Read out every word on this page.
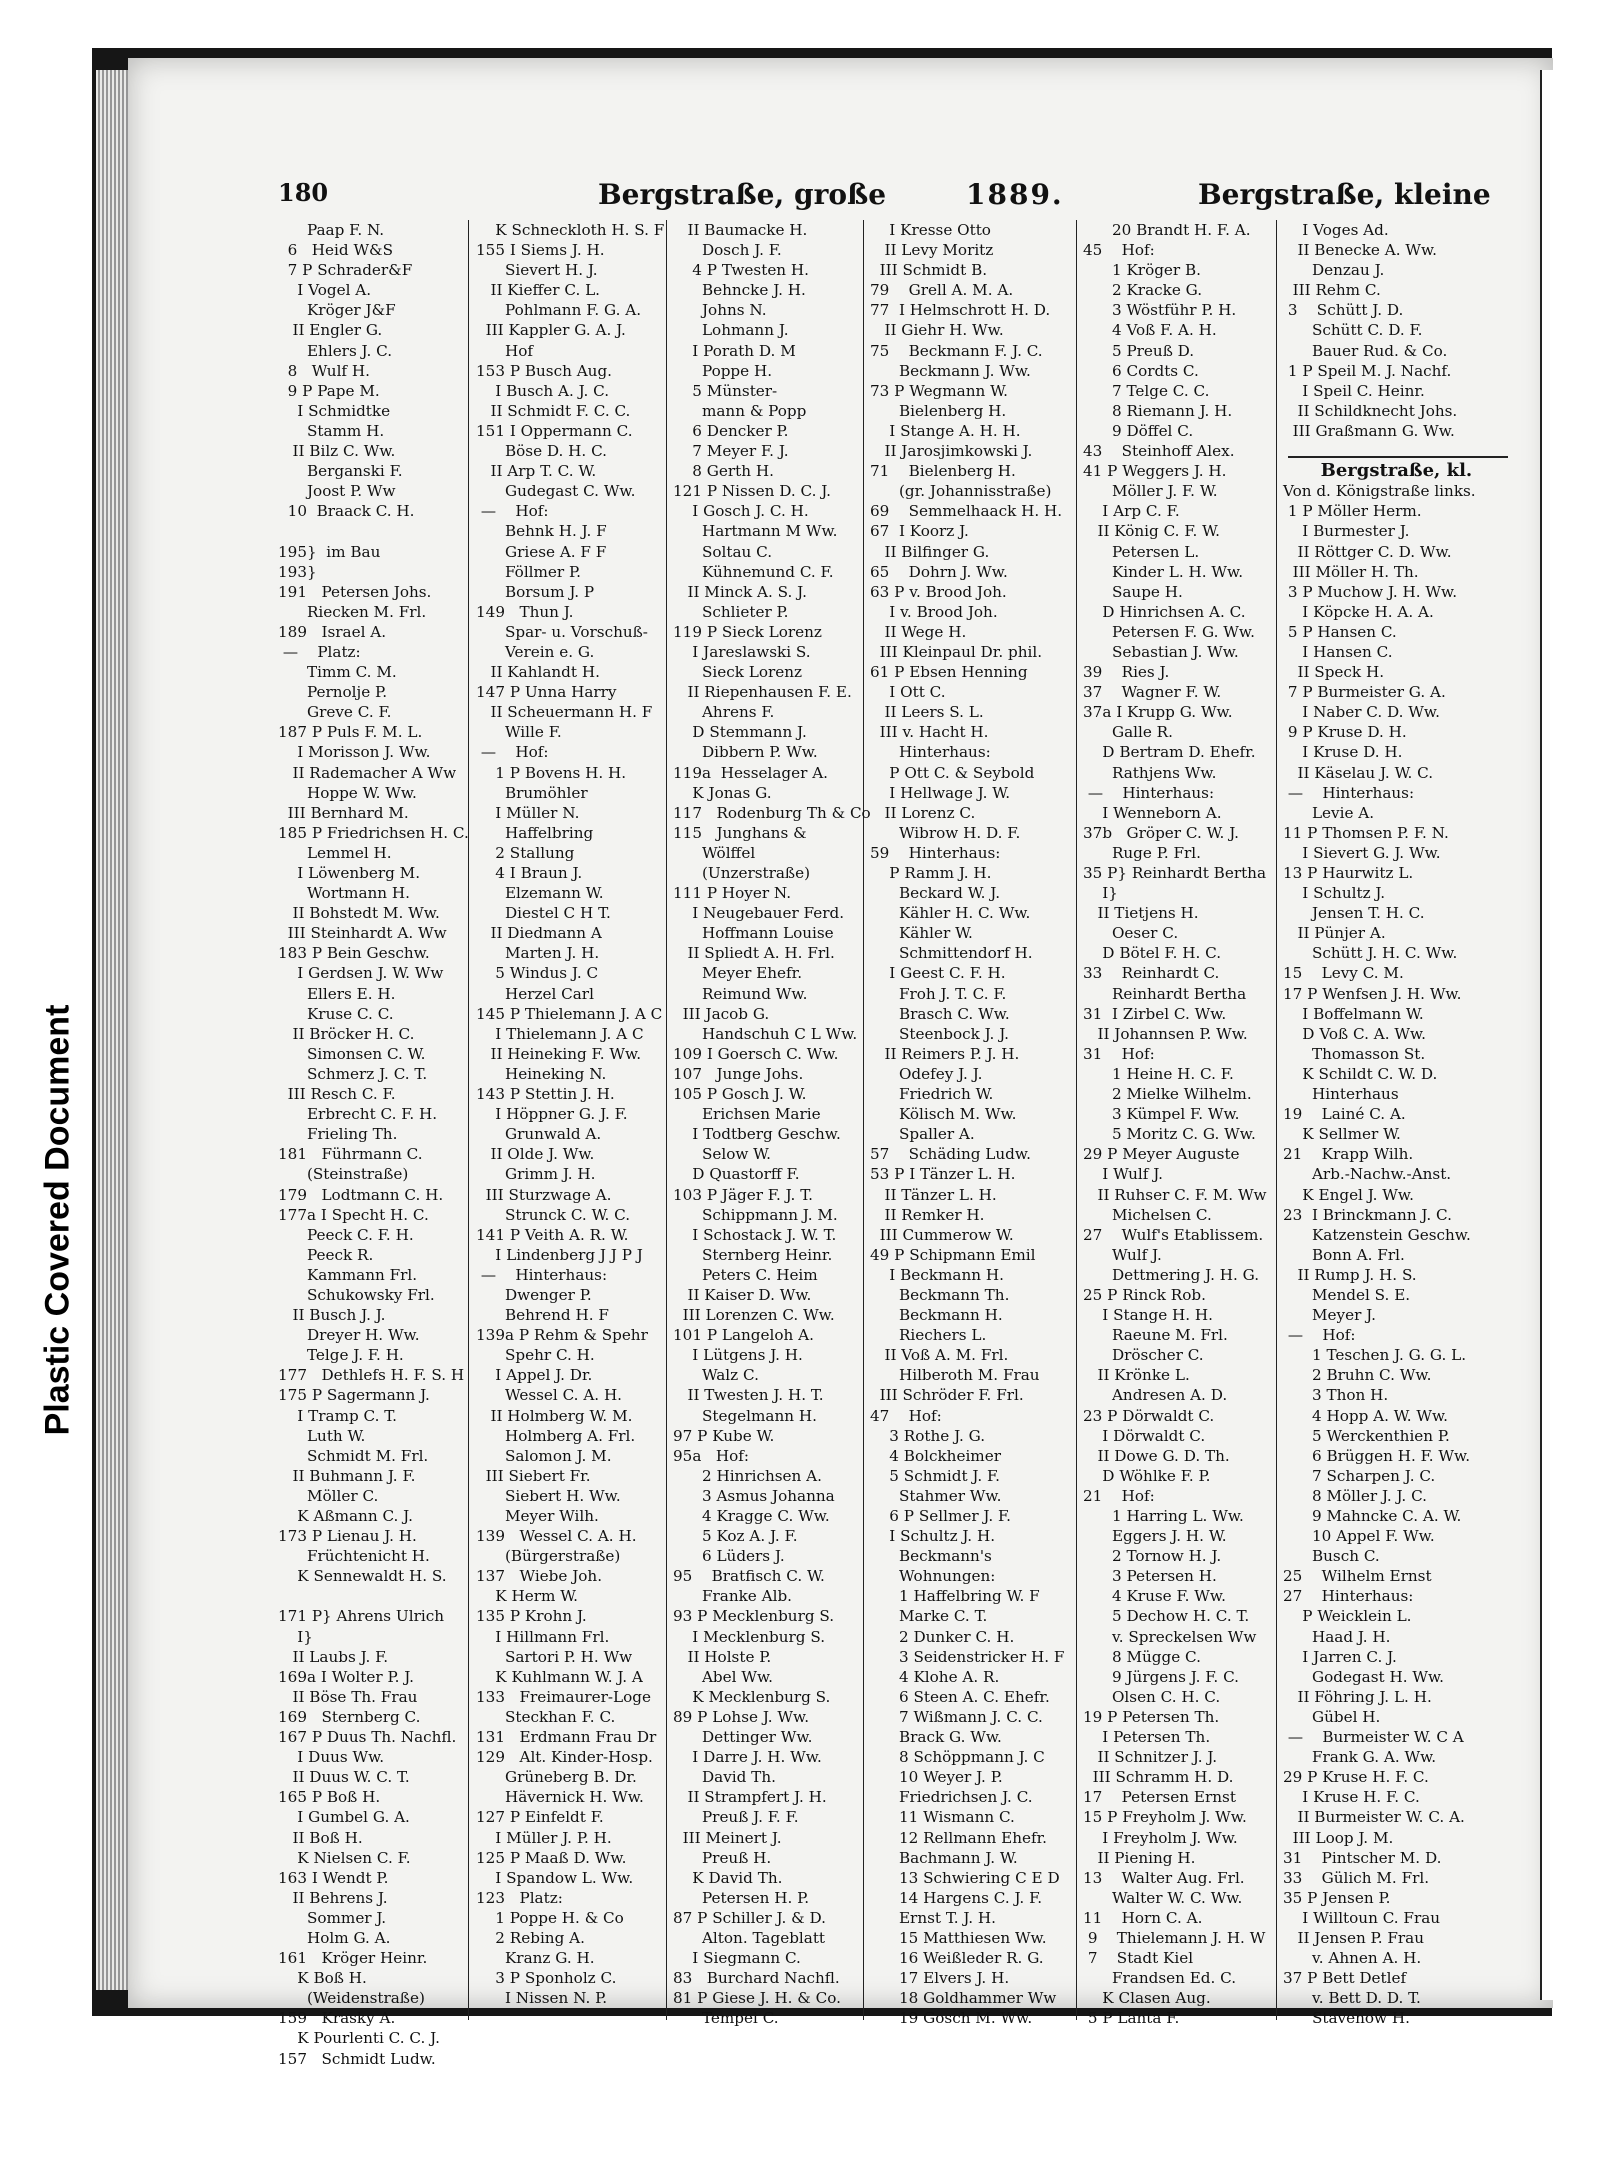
Plastic Covered Document
180	Bergstraße, große	1889.	Bergstraße, kleine
Paap F. N.
6   Heid W&S
7 P Schrader&F
I Vogel A.
Kröger J&F
II Engler G.
Ehlers J. C.
8   Wulf H.
9 P Pape M.
I Schmidtke
Stamm H.
II Bilz C. Ww.
Berganski F.
Joost P. Ww
10  Braack C. H.
195}  im Bau
193}
191   Petersen Johs.
Riecken M. Frl.
189   Israel A.
—    Platz:
Timm C. M.
Pernolje P.
Greve C. F.
187 P Puls F. M. L.
I Morisson J. Ww.
II Rademacher A Ww
Hoppe W. Ww.
III Bernhard M.
185 P Friedrichsen H. C.
Lemmel H.
I Löwenberg M.
Wortmann H.
II Bohstedt M. Ww.
III Steinhardt A. Ww
183 P Bein Geschw.
I Gerdsen J. W. Ww
Ellers E. H.
Kruse C. C.
II Bröcker H. C.
Simonsen C. W.
Schmerz J. C. T.
III Resch C. F.
Erbrecht C. F. H.
Frieling Th.
181   Führmann C.
(Steinstraße)
179   Lodtmann C. H.
177a I Specht H. C.
Peeck C. F. H.
Peeck R.
Kammann Frl.
Schukowsky Frl.
II Busch J. J.
Dreyer H. Ww.
Telge J. F. H.
177   Dethlefs H. F. S. H
175 P Sagermann J.
I Tramp C. T.
Luth W.
Schmidt M. Frl.
II Buhmann J. F.
Möller C.
K Aßmann C. J.
173 P Lienau J. H.
Früchtenicht H.
K Sennewaldt H. S.
171 P} Ahrens Ulrich
I}
II Laubs J. F.
169a I Wolter P. J.
II Böse Th. Frau
169   Sternberg C.
167 P Duus Th. Nachfl.
I Duus Ww.
II Duus W. C. T.
165 P Boß H.
I Gumbel G. A.
II Boß H.
K Nielsen C. F.
163 I Wendt P.
II Behrens J.
Sommer J.
Holm G. A.
161   Kröger Heinr.
K Boß H.
(Weidenstraße)
159   Krasky A.
K Pourlenti C. C. J.
157   Schmidt Ludw.
K Schneckloth H. S. F
155 I Siems J. H.
Sievert H. J.
II Kieffer C. L.
Pohlmann F. G. A.
III Kappler G. A. J.
Hof
153 P Busch Aug.
I Busch A. J. C.
II Schmidt F. C. C.
151 I Oppermann C.
Böse D. H. C.
II Arp T. C. W.
Gudegast C. Ww.
—    Hof:
Behnk H. J. F
Griese A. F F
Föllmer P.
Borsum J. P
149   Thun J.
Spar- u. Vorschuß-
Verein e. G.
II Kahlandt H.
147 P Unna Harry
II Scheuermann H. F
Wille F.
—    Hof:
1 P Bovens H. H.
Brumöhler
I Müller N.
Haffelbring
2 Stallung
4 I Braun J.
Elzemann W.
Diestel C H T.
II Diedmann A
Marten J. H.
5 Windus J. C
Herzel Carl
145 P Thielemann J. A C
I Thielemann J. A C
II Heineking F. Ww.
Heineking N.
143 P Stettin J. H.
I Höppner G. J. F.
Grunwald A.
II Olde J. Ww.
Grimm J. H.
III Sturzwage A.
Strunck C. W. C.
141 P Veith A. R. W.
I Lindenberg J J P J
—    Hinterhaus:
Dwenger P.
Behrend H. F
139a P Rehm & Spehr
Spehr C. H.
I Appel J. Dr.
Wessel C. A. H.
II Holmberg W. M.
Holmberg A. Frl.
Salomon J. M.
III Siebert Fr.
Siebert H. Ww.
Meyer Wilh.
139   Wessel C. A. H.
(Bürgerstraße)
137   Wiebe Joh.
K Herm W.
135 P Krohn J.
I Hillmann Frl.
Sartori P. H. Ww
K Kuhlmann W. J. A
133   Freimaurer-Loge
Steckhan F. C.
131   Erdmann Frau Dr
129   Alt. Kinder-Hosp.
Grüneberg B. Dr.
Hävernick H. Ww.
127 P Einfeldt F.
I Müller J. P. H.
125 P Maaß D. Ww.
I Spandow L. Ww.
123   Platz:
1 Poppe H. & Co
2 Rebing A.
Kranz G. H.
3 P Sponholz C.
I Nissen N. P.
II Baumacke H.
Dosch J. F.
4 P Twesten H.
Behncke J. H.
Johns N.
Lohmann J.
I Porath D. M
Poppe H.
5 Münster-
mann & Popp
6 Dencker P.
7 Meyer F. J.
8 Gerth H.
121 P Nissen D. C. J.
I Gosch J. C. H.
Hartmann M Ww.
Soltau C.
Kühnemund C. F.
II Minck A. S. J.
Schlieter P.
119 P Sieck Lorenz
I Jareslawski S.
Sieck Lorenz
II Riepenhausen F. E.
Ahrens F.
D Stemmann J.
Dibbern P. Ww.
119a  Hesselager A.
K Jonas G.
117   Rodenburg Th & Co
115   Junghans &
Wölffel
(Unzerstraße)
111 P Hoyer N.
I Neugebauer Ferd.
Hoffmann Louise
II Spliedt A. H. Frl.
Meyer Ehefr.
Reimund Ww.
III Jacob G.
Handschuh C L Ww.
109 I Goersch C. Ww.
107   Junge Johs.
105 P Gosch J. W.
Erichsen Marie
I Todtberg Geschw.
Selow W.
D Quastorff F.
103 P Jäger F. J. T.
Schippmann J. M.
I Schostack J. W. T.
Sternberg Heinr.
Peters C. Heim
II Kaiser D. Ww.
III Lorenzen C. Ww.
101 P Langeloh A.
I Lütgens J. H.
Walz C.
II Twesten J. H. T.
Stegelmann H.
97 P Kube W.
95a   Hof:
2 Hinrichsen A.
3 Asmus Johanna
4 Kragge C. Ww.
5 Koz A. J. F.
6 Lüders J.
95    Bratfisch C. W.
Franke Alb.
93 P Mecklenburg S.
I Mecklenburg S.
II Holste P.
Abel Ww.
K Mecklenburg S.
89 P Lohse J. Ww.
Dettinger Ww.
I Darre J. H. Ww.
David Th.
II Strampfert J. H.
Preuß J. F. F.
III Meinert J.
Preuß H.
K David Th.
Petersen H. P.
87 P Schiller J. & D.
Alton. Tageblatt
I Siegmann C.
83   Burchard Nachfl.
81 P Giese J. H. & Co.
Tempel C.
I Kresse Otto
II Levy Moritz
III Schmidt B.
79    Grell A. M. A.
77  I Helmschrott H. D.
II Giehr H. Ww.
75    Beckmann F. J. C.
Beckmann J. Ww.
73 P Wegmann W.
Bielenberg H.
I Stange A. H. H.
II Jarosjimkowski J.
71    Bielenberg H.
(gr. Johannisstraße)
69    Semmelhaack H. H.
67  I Koorz J.
II Bilfinger G.
65    Dohrn J. Ww.
63 P v. Brood Joh.
I v. Brood Joh.
II Wege H.
III Kleinpaul Dr. phil.
61 P Ebsen Henning
I Ott C.
II Leers S. L.
III v. Hacht H.
Hinterhaus:
P Ott C. & Seybold
I Hellwage J. W.
II Lorenz C.
Wibrow H. D. F.
59    Hinterhaus:
P Ramm J. H.
Beckard W. J.
Kähler H. C. Ww.
Kähler W.
Schmittendorf H.
I Geest C. F. H.
Froh J. T. C. F.
Brasch C. Ww.
Steenbock J. J.
II Reimers P. J. H.
Odefey J. J.
Friedrich W.
Kölisch M. Ww.
Spaller A.
57    Schäding Ludw.
53 P I Tänzer L. H.
II Tänzer L. H.
II Remker H.
III Cummerow W.
49 P Schipmann Emil
I Beckmann H.
Beckmann Th.
Beckmann H.
Riechers L.
II Voß A. M. Frl.
Hilberoth M. Frau
III Schröder F. Frl.
47    Hof:
3 Rothe J. G.
4 Bolckheimer
5 Schmidt J. F.
Stahmer Ww.
6 P Sellmer J. F.
I Schultz J. H.
Beckmann's
Wohnungen:
1 Haffelbring W. F
Marke C. T.
2 Dunker C. H.
3 Seidenstricker H. F
4 Klohe A. R.
6 Steen A. C. Ehefr.
7 Wißmann J. C. C.
Brack G. Ww.
8 Schöppmann J. C
10 Weyer J. P.
Friedrichsen J. C.
11 Wismann C.
12 Rellmann Ehefr.
Bachmann J. W.
13 Schwiering C E D
14 Hargens C. J. F.
Ernst T. J. H.
15 Matthiesen Ww.
16 Weißleder R. G.
17 Elvers J. H.
18 Goldhammer Ww
19 Gosch M. Ww.
20 Brandt H. F. A.
45    Hof:
1 Kröger B.
2 Kracke G.
3 Wöstführ P. H.
4 Voß F. A. H.
5 Preuß D.
6 Cordts C.
7 Telge C. C.
8 Riemann J. H.
9 Döffel C.
43    Steinhoff Alex.
41 P Weggers J. H.
Möller J. F. W.
I Arp C. F.
II König C. F. W.
Petersen L.
Kinder L. H. Ww.
Saupe H.
D Hinrichsen A. C.
Petersen F. G. Ww.
Sebastian J. Ww.
39    Ries J.
37    Wagner F. W.
37a I Krupp G. Ww.
Galle R.
D Bertram D. Ehefr.
Rathjens Ww.
—    Hinterhaus:
I Wenneborn A.
37b   Gröper C. W. J.
Ruge P. Frl.
35 P} Reinhardt Bertha
I}
II Tietjens H.
Oeser C.
D Bötel F. H. C.
33    Reinhardt C.
Reinhardt Bertha
31  I Zirbel C. Ww.
II Johannsen P. Ww.
31    Hof:
1 Heine H. C. F.
2 Mielke Wilhelm.
3 Kümpel F. Ww.
5 Moritz C. G. Ww.
29 P Meyer Auguste
I Wulf J.
II Ruhser C. F. M. Ww
Michelsen C.
27    Wulf's Etablissem.
Wulf J.
Dettmering J. H. G.
25 P Rinck Rob.
I Stange H. H.
Raeune M. Frl.
Dröscher C.
II Krönke L.
Andresen A. D.
23 P Dörwaldt C.
I Dörwaldt C.
II Dowe G. D. Th.
D Wöhlke F. P.
21    Hof:
1 Harring L. Ww.
Eggers J. H. W.
2 Tornow H. J.
3 Petersen H.
4 Kruse F. Ww.
5 Dechow H. C. T.
v. Spreckelsen Ww
8 Mügge C.
9 Jürgens J. F. C.
Olsen C. H. C.
19 P Petersen Th.
I Petersen Th.
II Schnitzer J. J.
III Schramm H. D.
17    Petersen Ernst
15 P Freyholm J. Ww.
I Freyholm J. Ww.
II Piening H.
13    Walter Aug. Frl.
Walter W. C. Ww.
11    Horn C. A.
9    Thielemann J. H. W
7    Stadt Kiel
Frandsen Ed. C.
K Clasen Aug.
5 P Lanta F.
I Voges Ad.
II Benecke A. Ww.
Denzau J.
III Rehm C.
3    Schütt J. D.
Schütt C. D. F.
Bauer Rud. & Co.
1 P Speil M. J. Nachf.
I Speil C. Heinr.
II Schildknecht Johs.
III Graßmann G. Ww.
Bergstraße, kl.
Von d. Königstraße links.
1 P Möller Herm.
I Burmester J.
II Röttger C. D. Ww.
III Möller H. Th.
3 P Muchow J. H. Ww.
I Köpcke H. A. A.
5 P Hansen C.
I Hansen C.
II Speck H.
7 P Burmeister G. A.
I Naber C. D. Ww.
9 P Kruse D. H.
I Kruse D. H.
II Käselau J. W. C.
—    Hinterhaus:
Levie A.
11 P Thomsen P. F. N.
I Sievert G. J. Ww.
13 P Haurwitz L.
I Schultz J.
Jensen T. H. C.
II Pünjer A.
Schütt J. H. C. Ww.
15    Levy C. M.
17 P Wenfsen J. H. Ww.
I Boffelmann W.
D Voß C. A. Ww.
Thomasson St.
K Schildt C. W. D.
Hinterhaus
19    Lainé C. A.
K Sellmer W.
21    Krapp Wilh.
Arb.-Nachw.-Anst.
K Engel J. Ww.
23  I Brinckmann J. C.
Katzenstein Geschw.
Bonn A. Frl.
II Rump J. H. S.
Mendel S. E.
Meyer J.
—    Hof:
1 Teschen J. G. G. L.
2 Bruhn C. Ww.
3 Thon H.
4 Hopp A. W. Ww.
5 Werckenthien P.
6 Brüggen H. F. Ww.
7 Scharpen J. C.
8 Möller J. J. C.
9 Mahncke C. A. W.
10 Appel F. Ww.
Busch C.
25    Wilhelm Ernst
27    Hinterhaus:
P Weicklein L.
Haad J. H.
I Jarren C. J.
Godegast H. Ww.
II Föhring J. L. H.
Gübel H.
—    Burmeister W. C A
Frank G. A. Ww.
29 P Kruse H. F. C.
I Kruse H. F. C.
II Burmeister W. C. A.
III Loop J. M.
31    Pintscher M. D.
33    Gülich M. Frl.
35 P Jensen P.
I Willtoun C. Frau
II Jensen P. Frau
v. Ahnen A. H.
37 P Bett Detlef
v. Bett D. D. T.
Stavenow H.
